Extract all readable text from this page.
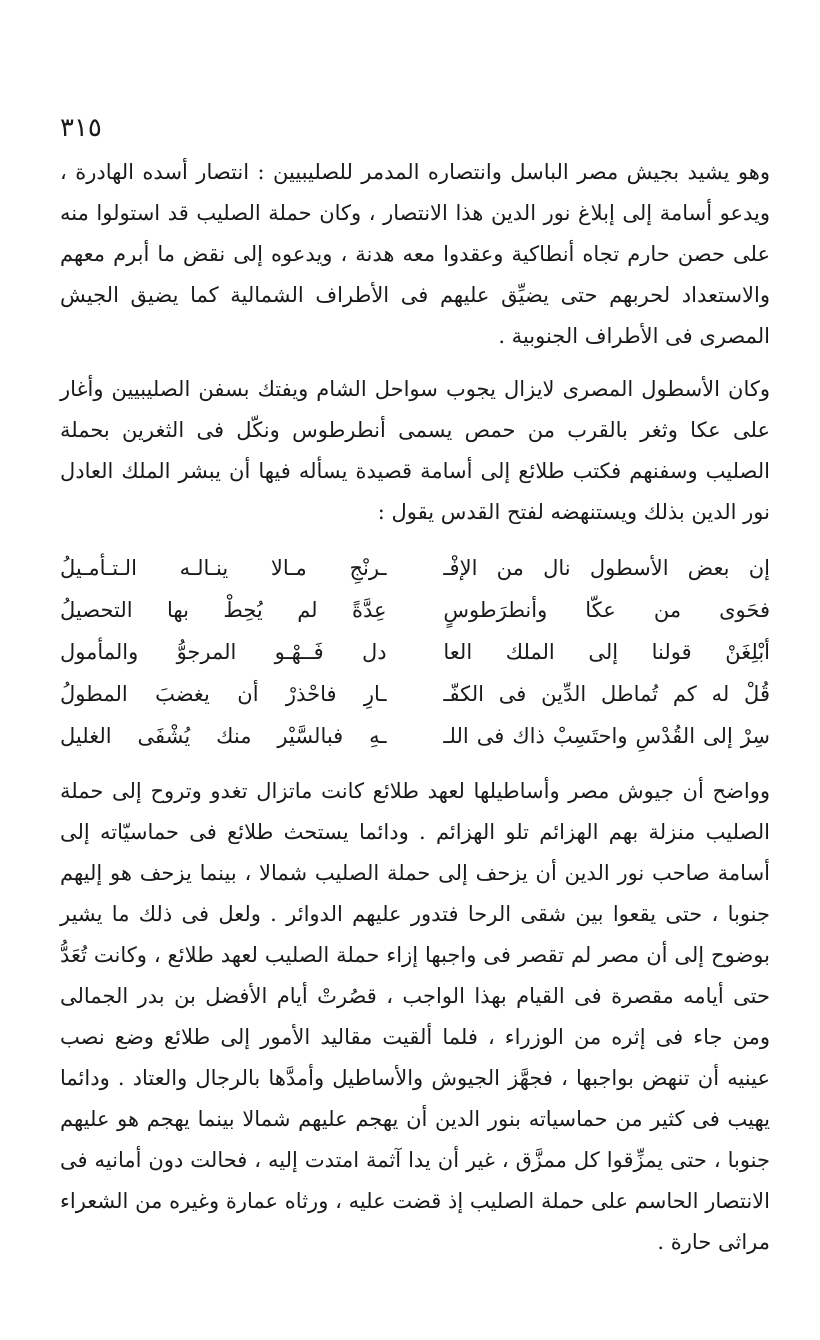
٣١٥

وهو يشيد بجيش مصر الباسل وانتصاره المدمر للصليبيين : انتصار أسده الهادرة ، ويدعو أسامة إلى إبلاغ نور الدين هذا الانتصار ، وكان حملة الصليب قد استولوا منه على حصن حارم تجاه أنطاكية وعقدوا معه هدنة ، ويدعوه إلى نقض ما أبرم معهم والاستعداد لحربهم حتى يضيِّق عليهم فى الأطراف الشمالية كما يضيق الجيش المصرى فى الأطراف الجنوبية .

وكان الأسطول المصرى لايزال يجوب سواحل الشام ويفتك بسفن الصليبيين وأغار على عكا وثغر بالقرب من حمص يسمى أنطرطوس ونكّل فى الثغرين بحملة الصليب وسفنهم فكتب طلائع إلى أسامة قصيدة يسأله فيها أن يبشر الملك العادل نور الدين بذلك ويستنهضه لفتح القدس يقول :

إن بعض الأسطول نال من الإفْـ
ـرنْجِ مـالا ينـالـه الـتـأمـيلُ
فحَوى من عكّا وأنطرَطوسٍ
عِدَّةً لم يُحِطْ بها التحصيلُ
أبْلِغَنْ قولنا إلى الملك العا
دل فَــهْـو المرجوُّ والمأمول
قُلْ له كم تُماطل الدِّين فى الكفّـ
ـارِ فاحْذرْ أن يغضبَ المطولُ
سِرْ إلى القُدْسِ واحتَسِبْ ذاك فى اللـ
ـهِ فبالسَّيْر منك يُشْفَى الغليل

وواضح أن جيوش مصر وأساطيلها لعهد طلائع كانت ماتزال تغدو وتروح إلى حملة الصليب منزلة بهم الهزائم تلو الهزائم . ودائما يستحث طلائع فى حماسيّاته إلى أسامة صاحب نور الدين أن يزحف إلى حملة الصليب شمالا ، بينما يزحف هو إليهم جنوبا ، حتى يقعوا بين شقى الرحا فتدور عليهم الدوائر . ولعل فى ذلك ما يشير بوضوح إلى أن مصر لم تقصر فى واجبها إزاء حملة الصليب لعهد طلائع ، وكانت تُعَدُّ حتى أيامه مقصرة فى القيام بهذا الواجب ، قصُرتْ أيام الأفضل بن بدر الجمالى ومن جاء فى إثره من الوزراء ، فلما ألقيت مقاليد الأمور إلى طلائع وضع نصب عينيه أن تنهض بواجبها ، فجهَّز الجيوش والأساطيل وأمدَّها بالرجال والعتاد . ودائما يهيب فى كثير من حماسياته بنور الدين أن يهجم عليهم شمالا بينما يهجم هو عليهم جنوبا ، حتى يمزِّقوا كل ممزَّق ، غير أن يدا آثمة امتدت إليه ، فحالت دون أمانيه فى الانتصار الحاسم على حملة الصليب إذ قضت عليه ، ورثاه عمارة وغيره من الشعراء مراثى حارة .
